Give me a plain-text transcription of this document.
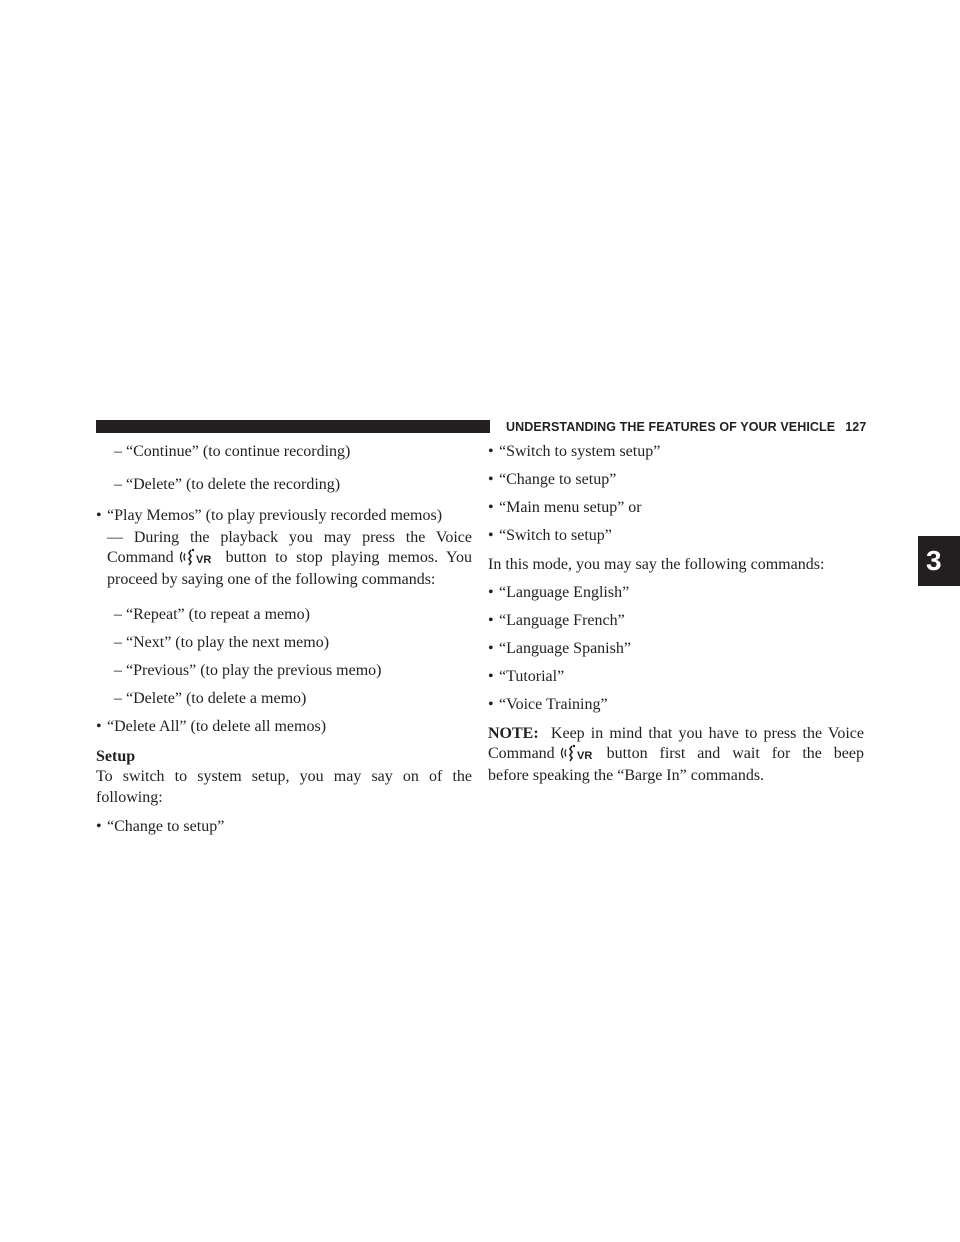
UNDERSTANDING THE FEATURES OF YOUR VEHICLE 127
3
– “Continue” (to continue recording)
– “Delete” (to delete the recording)
• “Play Memos” (to play previously recorded memos)
— During the playback you may press the Voice
Command VR button to stop playing memos. You
proceed by saying one of the following commands:
– “Repeat” (to repeat a memo)
– “Next” (to play the next memo)
– “Previous” (to play the previous memo)
– “Delete” (to delete a memo)
• “Delete All” (to delete all memos)
Setup
To switch to system setup, you may say on of the
following:
• “Change to setup”
• “Switch to system setup”
• “Change to setup”
• “Main menu setup” or
• “Switch to setup”
In this mode, you may say the following commands:
• “Language English”
• “Language French”
• “Language Spanish”
• “Tutorial”
• “Voice Training”
NOTE: Keep in mind that you have to press the Voice
Command VR button first and wait for the beep
before speaking the “Barge In” commands.
